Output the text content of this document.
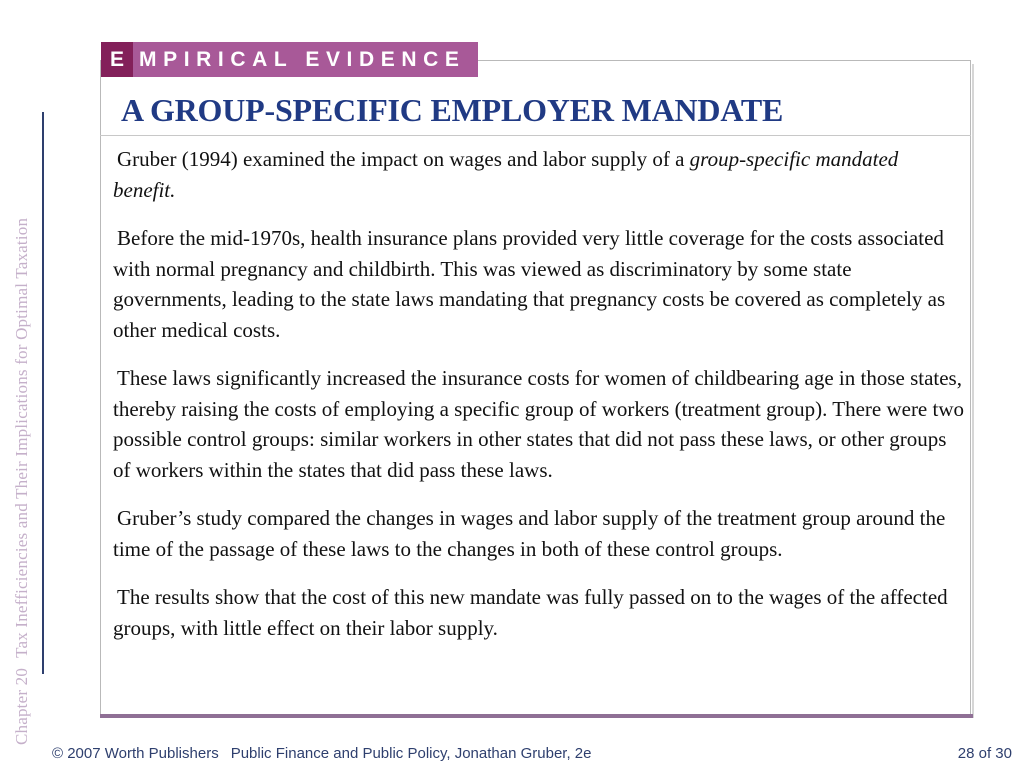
Chapter 20Tax Inefficiencies and Their Implications for Optimal Taxation
E MPIRICAL EVIDENCE
A GROUP-SPECIFIC EMPLOYER MANDATE

Gruber (1994) examined the impact on wages and labor supply of a group-specific mandated benefit.

Before the mid-1970s, health insurance plans provided very little coverage for the costs associated with normal pregnancy and childbirth. This was viewed as discriminatory by some state governments, leading to the state laws mandating that pregnancy costs be covered as completely as other medical costs.

These laws significantly increased the insurance costs for women of childbearing age in those states, thereby raising the costs of employing a specific group of workers (treatment group). There were two possible control groups: similar workers in other states that did not pass these laws, or other groups of workers within the states that did pass these laws.

Gruber’s study compared the changes in wages and labor supply of the treatment group around the time of the passage of these laws to the changes in both of these control groups.

The results show that the cost of this new mandate was fully passed on to the wages of the affected groups, with little effect on their labor supply.

© 2007 Worth Publishers Public Finance and Public Policy, Jonathan Gruber, 2e	28 of 30
